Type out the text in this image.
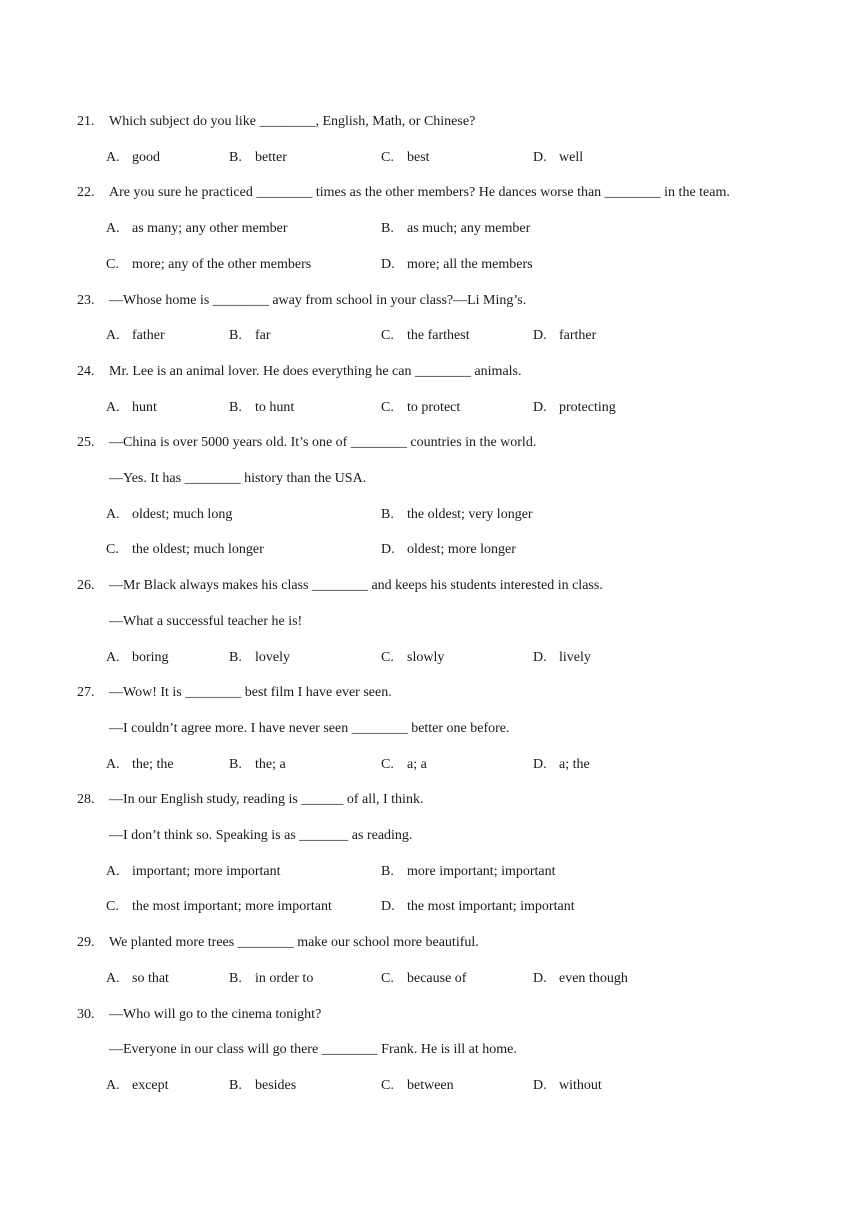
21. Which subject do you like ________, English, Math, or Chinese?
A. good	B. better	C. best	D. well
22. Are you sure he practiced ________ times as the other members? He dances worse than ________ in the team.
A. as many; any other member	B. as much; any member
C. more; any of the other members	D. more; all the members
23. —Whose home is ________ away from school in your class?—Li Ming’s.
A. father	B. far	C. the farthest	D. farther
24. Mr. Lee is an animal lover. He does everything he can ________ animals.
A. hunt	B. to hunt	C. to protect	D. protecting
25. —China is over 5000 years old. It’s one of ________ countries in the world.
—Yes. It has ________ history than the USA.
A. oldest; much long	B. the oldest; very longer
C. the oldest; much longer	D. oldest; more longer
26. —Mr Black always makes his class ________ and keeps his students interested in class.
—What a successful teacher he is!
A. boring	B. lovely	C. slowly	D. lively
27. —Wow! It is ________ best film I have ever seen.
—I couldn’t agree more. I have never seen ________ better one before.
A. the; the	B. the; a	C. a; a	D. a; the
28. —In our English study, reading is ______ of all, I think.
—I don’t think so. Speaking is as _______ as reading.
A. important; more important	B. more important; important
C. the most important; more important	D. the most important; important
29. We planted more trees ________ make our school more beautiful.
A. so that	B. in order to	C. because of	D. even though
30. —Who will go to the cinema tonight?
—Everyone in our class will go there ________ Frank. He is ill at home.
A. except	B. besides	C. between	D. without
